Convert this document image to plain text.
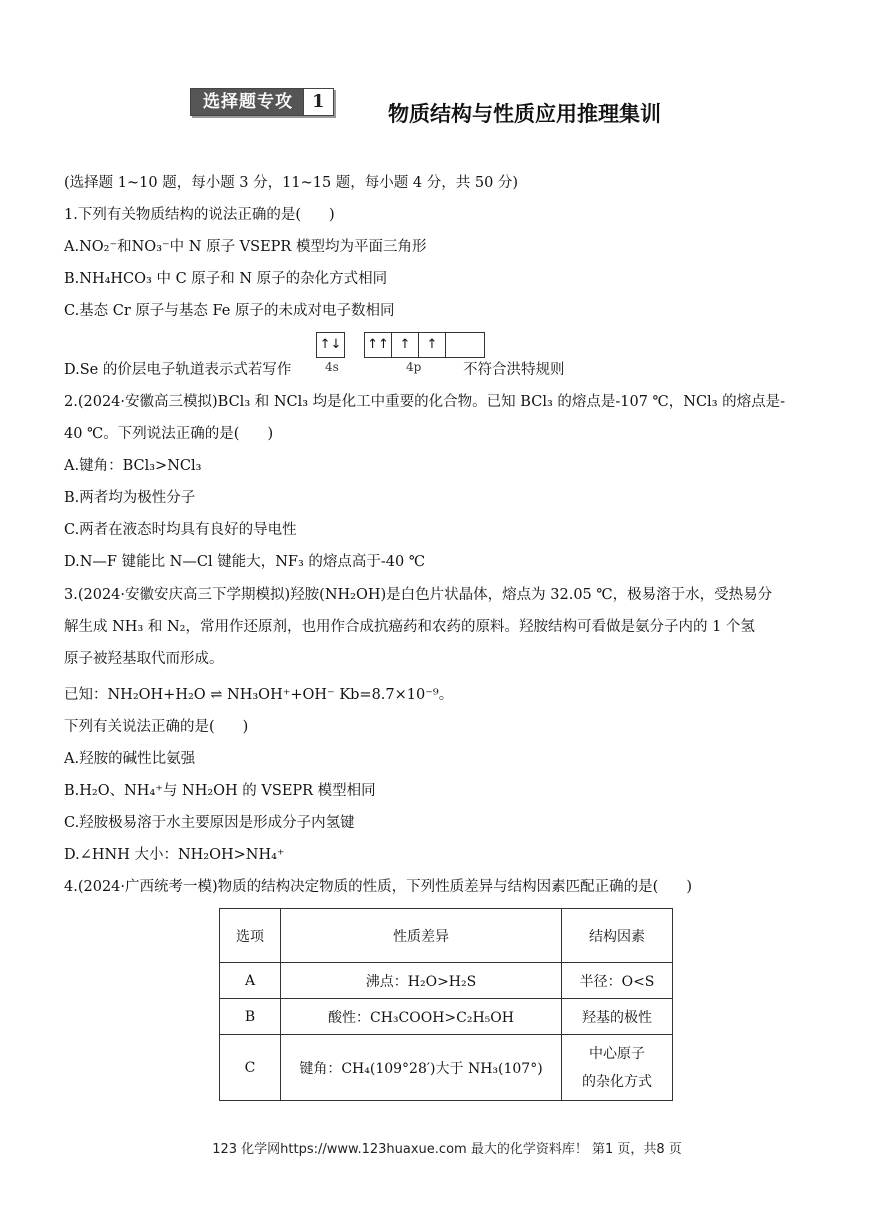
选择题专攻	1
物质结构与性质应用推理集训
(选择题 1~10 题，每小题 3 分，11~15 题，每小题 4 分，共 50 分)
1.下列有关物质结构的说法正确的是( )
A.NO₂⁻和NO₃⁻中 N 原子 VSEPR 模型均为平面三角形
B.NH₄HCO₃ 中 C 原子和 N 原子的杂化方式相同
C.基态 Cr 原子与基态 Fe 原子的未成对电子数相同
D.Se 的价层电子轨道表示式若写作	不符合洪特规则
↑↓ ↑↑ ↑	↑
4s	4p
2.(2024·安徽高三模拟)BCl₃ 和 NCl₃ 均是化工中重要的化合物。已知 BCl₃ 的熔点是-107 ℃，NCl₃ 的熔点是-
40 ℃。下列说法正确的是( )
A.键角：BCl₃>NCl₃
B.两者均为极性分子
C.两者在液态时均具有良好的导电性
D.N—F 键能比 N—Cl 键能大，NF₃ 的熔点高于-40 ℃
3.(2024·安徽安庆高三下学期模拟)羟胺(NH₂OH)是白色片状晶体，熔点为 32.05 ℃，极易溶于水，受热易分
解生成 NH₃ 和 N₂，常用作还原剂，也用作合成抗癌药和农药的原料。羟胺结构可看做是氨分子内的 1 个氢
原子被羟基取代而形成。
已知：NH₂OH+H₂O ⇌ NH₃OH⁺+OH⁻ Kb=8.7×10⁻⁹。
下列有关说法正确的是( )
A.羟胺的碱性比氨强
B.H₂O、NH₄⁺与 NH₂OH 的 VSEPR 模型相同
C.羟胺极易溶于水主要原因是形成分子内氢键
D.∠HNH 大小：NH₂OH>NH₄⁺
4.(2024·广西统考一模)物质的结构决定物质的性质，下列性质差异与结构因素匹配正确的是( )
选项	性质差异	结构因素
A	沸点：H₂O>H₂S	半径：O<S
B	酸性：CH₃COOH>C₂H₅OH	羟基的极性
C	键角：CH₄(109°28′)大于 NH₃(107°)	中心原子
的杂化方式
123 化学网https://www.123huaxue.com 最大的化学资料库！ 第1 页，共8 页
